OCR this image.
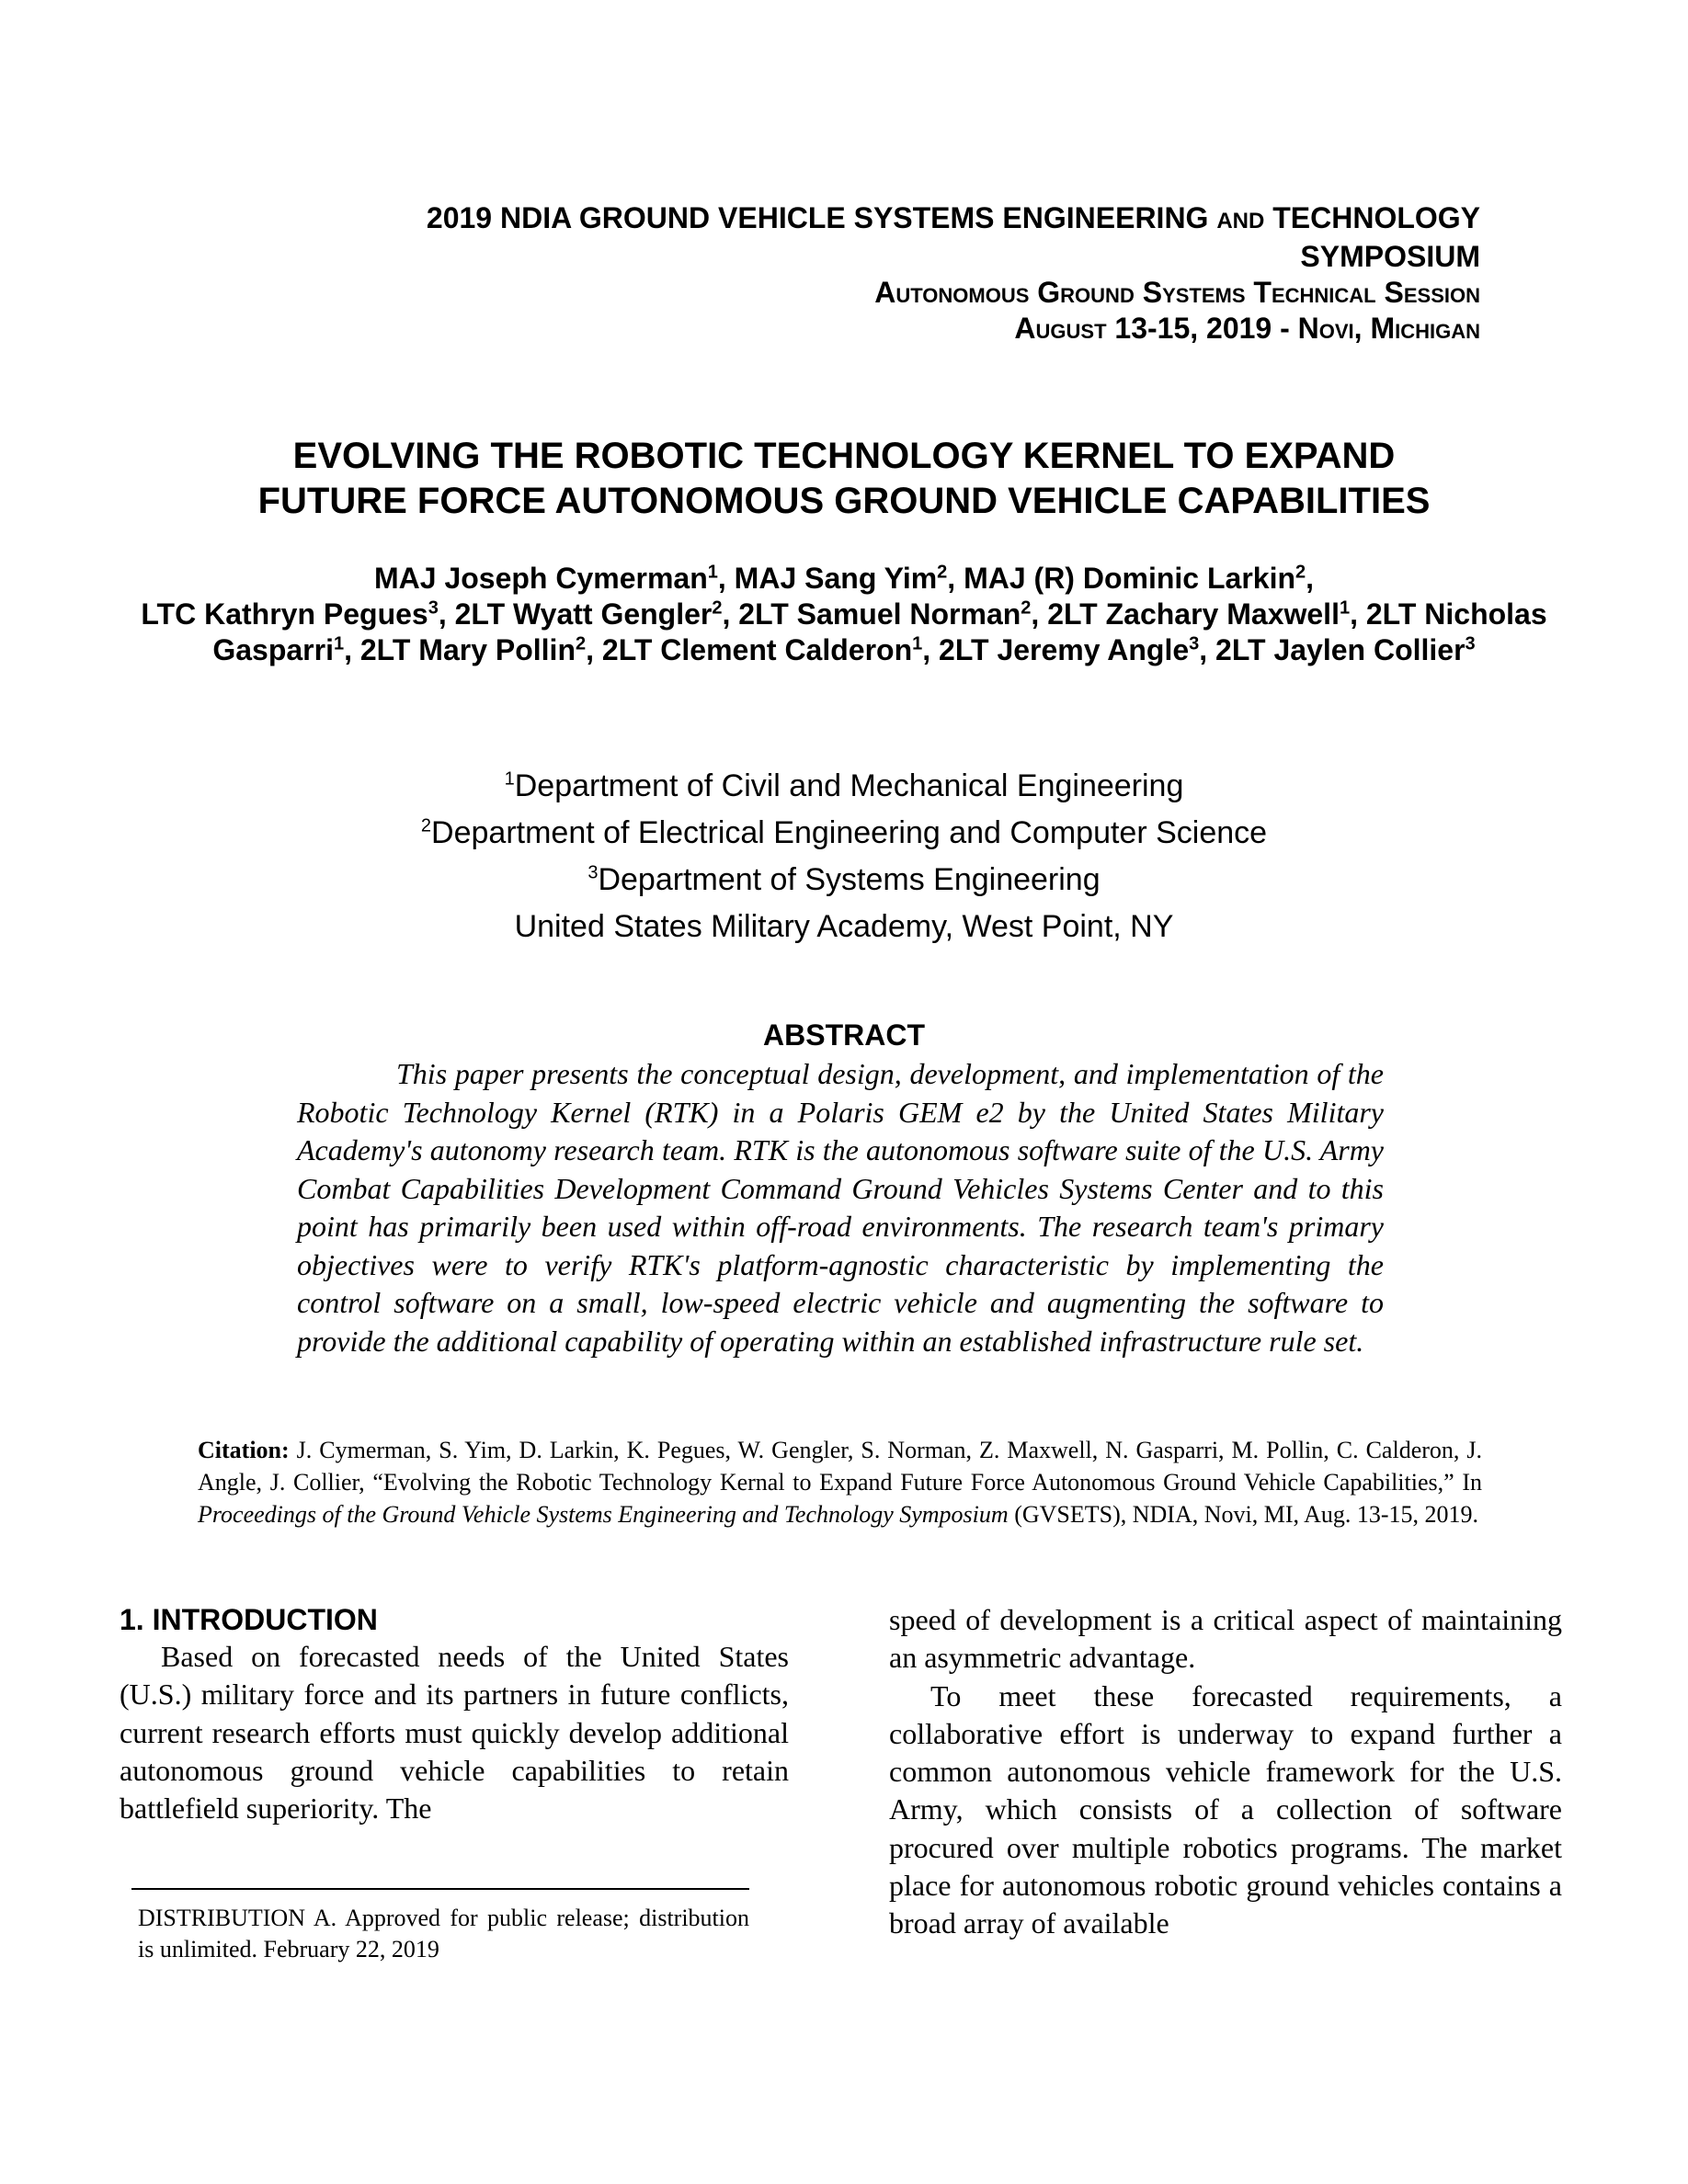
2019 NDIA GROUND VEHICLE SYSTEMS ENGINEERING AND TECHNOLOGY
SYMPOSIUM
Autonomous Ground Systems Technical Session
August 13-15, 2019 - Novi, Michigan
EVOLVING THE ROBOTIC TECHNOLOGY KERNEL TO EXPAND
FUTURE FORCE AUTONOMOUS GROUND VEHICLE CAPABILITIES
MAJ Joseph Cymerman$^1$, MAJ Sang Yim$^2$, MAJ (R) Dominic Larkin$^2$,
LTC Kathryn Pegues$^3$, 2LT Wyatt Gengler$^2$, 2LT Samuel Norman$^2$, 2LT Zachary Maxwell$^1$, 2LT Nicholas Gasparri$^1$, 2LT Mary Pollin$^2$, 2LT Clement Calderon$^1$, 2LT Jeremy Angle$^3$, 2LT Jaylen Collier$^3$
$^1$Department of Civil and Mechanical Engineering
$^2$Department of Electrical Engineering and Computer Science
$^3$Department of Systems Engineering
United States Military Academy, West Point, NY
ABSTRACT
This paper presents the conceptual design, development, and implementation of the Robotic Technology Kernel (RTK) in a Polaris GEM e2 by the United States Military Academy's autonomy research team. RTK is the autonomous software suite of the U.S. Army Combat Capabilities Development Command Ground Vehicles Systems Center and to this point has primarily been used within off-road environments. The research team's primary objectives were to verify RTK's platform-agnostic characteristic by implementing the control software on a small, low-speed electric vehicle and augmenting the software to provide the additional capability of operating within an established infrastructure rule set.
Citation: J. Cymerman, S. Yim, D. Larkin, K. Pegues, W. Gengler, S. Norman, Z. Maxwell, N. Gasparri, M. Pollin, C. Calderon, J. Angle, J. Collier, “Evolving the Robotic Technology Kernal to Expand Future Force Autonomous Ground Vehicle Capabilities,” In Proceedings of the Ground Vehicle Systems Engineering and Technology Symposium (GVSETS), NDIA, Novi, MI, Aug. 13-15, 2019.
1. INTRODUCTION

Based on forecasted needs of the United States (U.S.) military force and its partners in future conflicts, current research efforts must quickly develop additional autonomous ground vehicle capabilities to retain battlefield superiority. The

DISTRIBUTION A. Approved for public release; distribution is unlimited. February 22, 2019

speed of development is a critical aspect of maintaining an asymmetric advantage.

To meet these forecasted requirements, a collaborative effort is underway to expand further a common autonomous vehicle framework for the U.S. Army, which consists of a collection of software procured over multiple robotics programs. The market place for autonomous robotic ground vehicles contains a broad array of available
